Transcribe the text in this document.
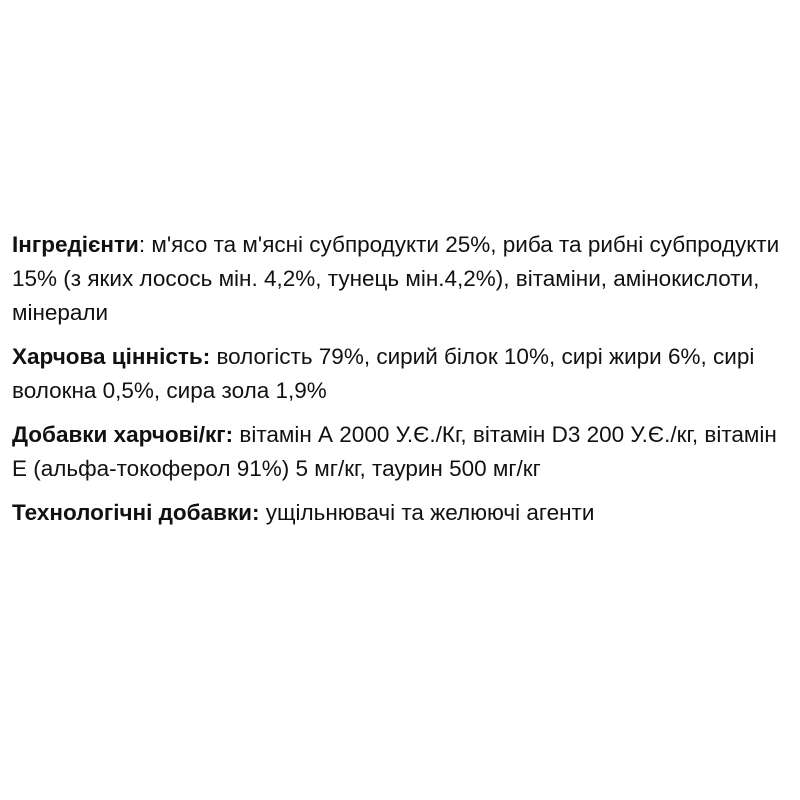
Інгредієнти: м'ясо та м'ясні субпродукти 25%, риба та рибні субпродукти 15% (з яких лосось мін. 4,2%, тунець мін.4,2%), вітаміни, амінокислоти, мінерали

Харчова цінність: вологість 79%, сирий білок 10%, сирі жири 6%, сирі волокна 0,5%, сира зола 1,9%

Добавки харчові/кг: вітамін А 2000 У.Є./Кг, вітамін D3 200 У.Є./кг, вітамін Е (альфа-токоферол 91%) 5 мг/кг, таурин 500 мг/кг

Технологічні добавки: ущільнювачі та желюючі агенти
